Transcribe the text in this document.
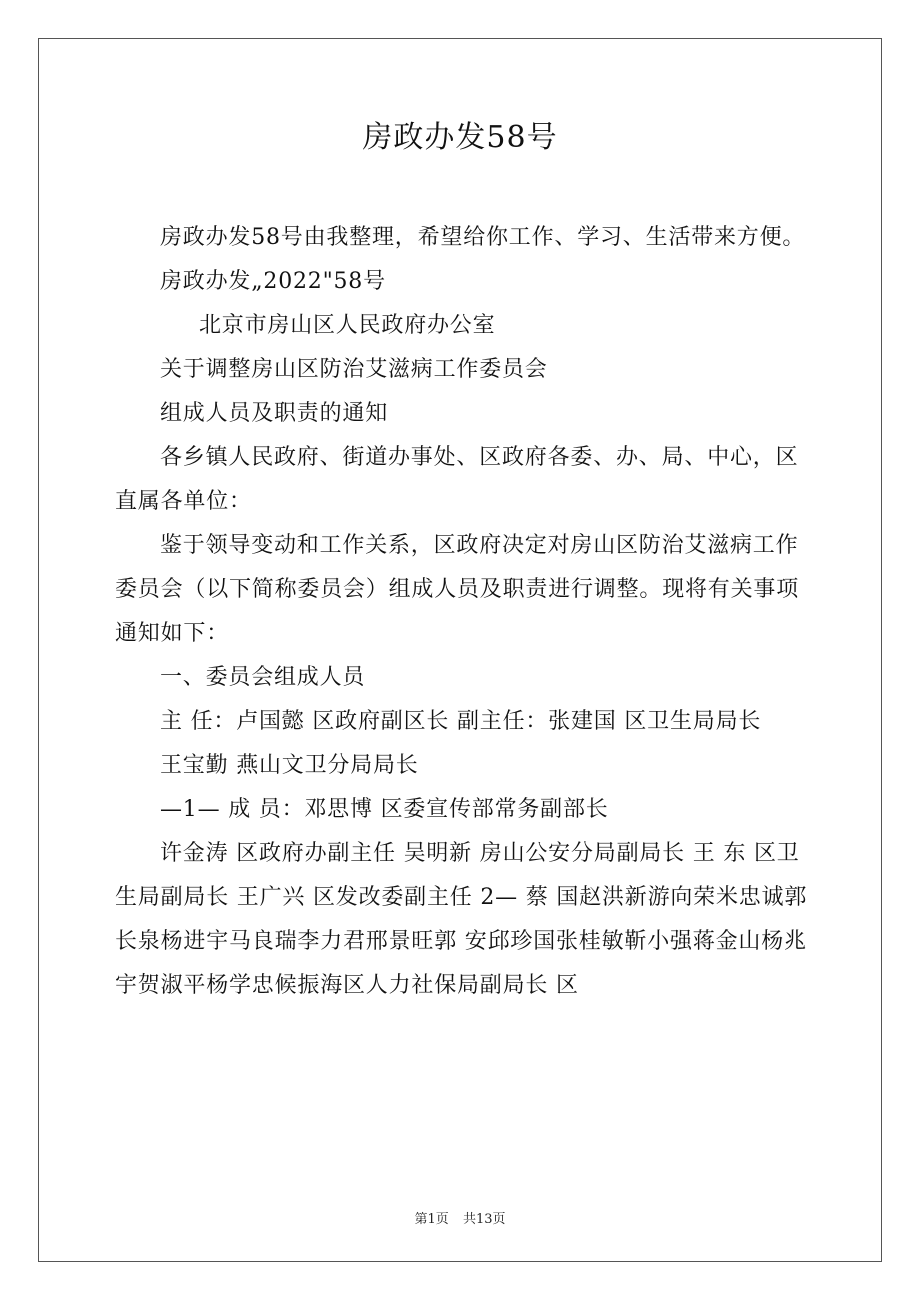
房政办发58号

房政办发58号由我整理，希望给你工作、学习、生活带来方便。

房政办发„2022"58号

北京市房山区人民政府办公室

关于调整房山区防治艾滋病工作委员会

组成人员及职责的通知

各乡镇人民政府、街道办事处、区政府各委、办、局、中心，区直属各单位：

鉴于领导变动和工作关系，区政府决定对房山区防治艾滋病工作委员会（以下简称委员会）组成人员及职责进行调整。现将有关事项通知如下：

一、委员会组成人员

主 任：卢国懿 区政府副区长 副主任：张建国 区卫生局局长

王宝勤 燕山文卫分局局长

—1— 成 员：邓思博 区委宣传部常务副部长

许金涛 区政府办副主任 吴明新 房山公安分局副局长 王 东 区卫生局副局长 王广兴 区发改委副主任 2— 蔡 国赵洪新游向荣米忠诚郭长泉杨进宇马良瑞李力君邢景旺郭 安邱珍国张桂敏靳小强蒋金山杨兆宇贺淑平杨学忠候振海区人力社保局副局长 区

第1页 共13页
